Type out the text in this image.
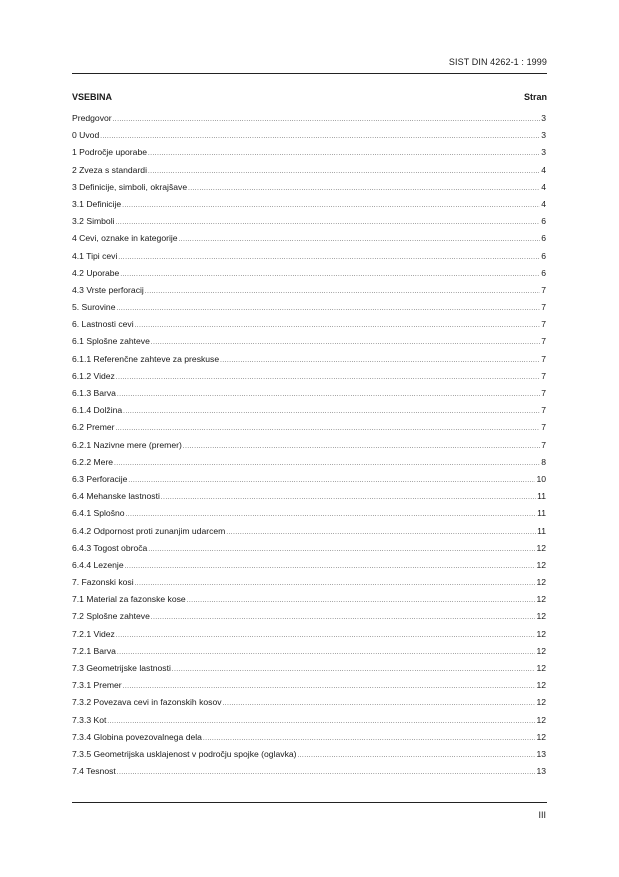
SIST DIN 4262-1 : 1999
VSEBINA	Stran
Predgovor .....	3
0 Uvod .....	3
1 Področje uporabe .....	3
2 Zveza s standardi .....	4
3 Definicije, simboli, okrajšave .....	4
3.1 Definicije .....	4
3.2 Simboli .....	6
4 Cevi, oznake in kategorije .....	6
4.1 Tipi cevi .....	6
4.2 Uporabe .....	6
4.3 Vrste perforacij .....	7
5. Surovine .....	7
6. Lastnosti cevi .....	7
6.1 Splošne zahteve .....	7
6.1.1 Referenčne zahteve za preskuse .....	7
6.1.2 Videz .....	7
6.1.3 Barva .....	7
6.1.4 Dolžina .....	7
6.2 Premer .....	7
6.2.1 Nazivne mere (premer) .....	7
6.2.2 Mere .....	8
6.3 Perforacije .....	10
6.4 Mehanske lastnosti .....	11
6.4.1 Splošno .....	11
6.4.2 Odpornost proti zunanjim udarcem .....	11
6.4.3 Togost obroča .....	12
6.4.4 Lezenje .....	12
7. Fazonski kosi .....	12
7.1 Material za fazonske kose .....	12
7.2 Splošne zahteve .....	12
7.2.1 Videz .....	12
7.2.1 Barva .....	12
7.3 Geometrijske lastnosti .....	12
7.3.1 Premer .....	12
7.3.2 Povezava cevi in fazonskih kosov .....	12
7.3.3 Kot .....	12
7.3.4 Globina povezovalnega dela .....	12
7.3.5 Geometrijska usklajenost v področju spojke (oglavka) .....	13
7.4 Tesnost .....	13
III
